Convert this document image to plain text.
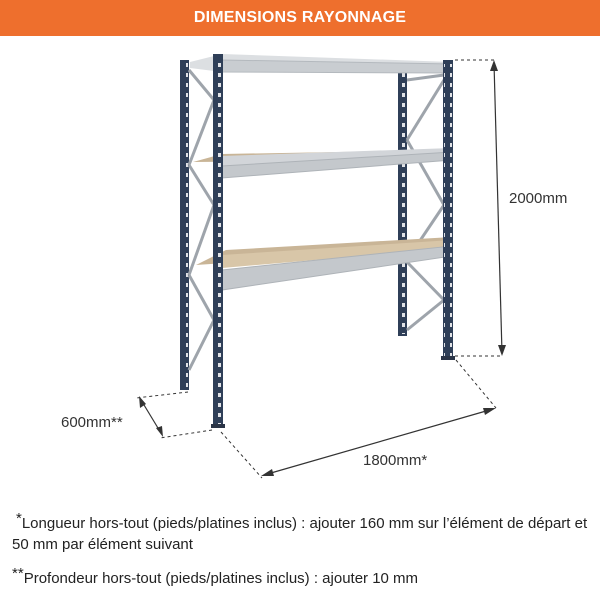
DIMENSIONS RAYONNAGE
2000mm
1800mm*
600mm**
*Longueur hors-tout (pieds/platines inclus) : ajouter 160 mm sur l’élément de départ et 50 mm par élément suivant
**Profondeur hors-tout (pieds/platines inclus) : ajouter 10 mm
